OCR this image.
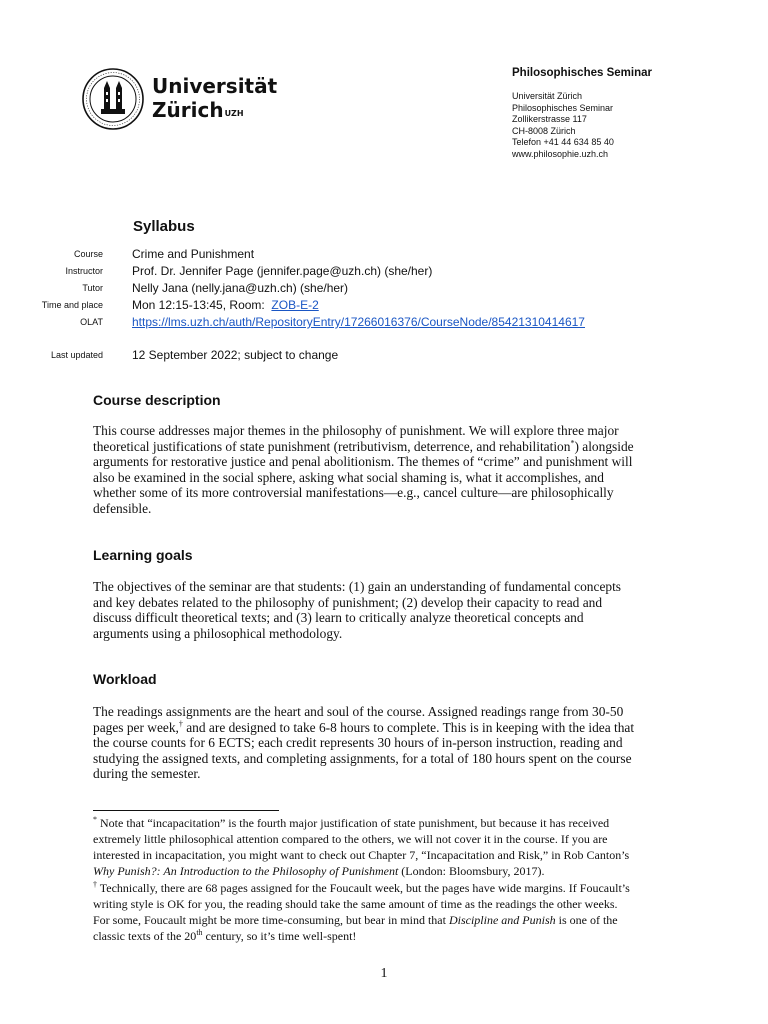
Universität
Zürich$^{UZH}$
Philosophisches Seminar
Universität Zürich
Philosophisches Seminar
Zollikerstrasse 117
CH-8008 Zürich
Telefon +41 44 634 85 40
www.philosophie.uzh.ch
Syllabus
Course Crime and Punishment
Instructor Prof. Dr. Jennifer Page (jennifer.page@uzh.ch) (she/her)
Tutor Nelly Jana (nelly.jana@uzh.ch) (she/her)
Time and place Mon 12:15-13:45, Room: ZOB-E-2
OLAT https://lms.uzh.ch/auth/RepositoryEntry/17266016376/CourseNode/85421310414617
Last updated 12 September 2022; subject to change
Course description

This course addresses major themes in the philosophy of punishment. We will explore three major

theoretical justifications of state punishment (retributivism, deterrence, and rehabilitation*) alongside

arguments for restorative justice and penal abolitionism. The themes of “crime” and punishment will

also be examined in the social sphere, asking what social shaming is, what it accomplishes, and

whether some of its more controversial manifestations—e.g., cancel culture—are philosophically

defensible.

Learning goals

The objectives of the seminar are that students: (1) gain an understanding of fundamental concepts

and key debates related to the philosophy of punishment; (2) develop their capacity to read and

discuss difficult theoretical texts; and (3) learn to critically analyze theoretical concepts and

arguments using a philosophical methodology.

Workload

The readings assignments are the heart and soul of the course. Assigned readings range from 30-50

pages per week,† and are designed to take 6-8 hours to complete. This is in keeping with the idea that

the course counts for 6 ECTS; each credit represents 30 hours of in-person instruction, reading and

studying the assigned texts, and completing assignments, for a total of 180 hours spent on the course

during the semester.

* Note that “incapacitation” is the fourth major justification of state punishment, but because it has received

extremely little philosophical attention compared to the others, we will not cover it in the course. If you are

interested in incapacitation, you might want to check out Chapter 7, “Incapacitation and Risk,” in Rob Canton’s

Why Punish?: An Introduction to the Philosophy of Punishment (London: Bloomsbury, 2017).

† Technically, there are 68 pages assigned for the Foucault week, but the pages have wide margins. If Foucault’s

writing style is OK for you, the reading should take the same amount of time as the readings the other weeks.

For some, Foucault might be more time-consuming, but bear in mind that Discipline and Punish is one of the

classic texts of the 20th century, so it’s time well-spent!

1
